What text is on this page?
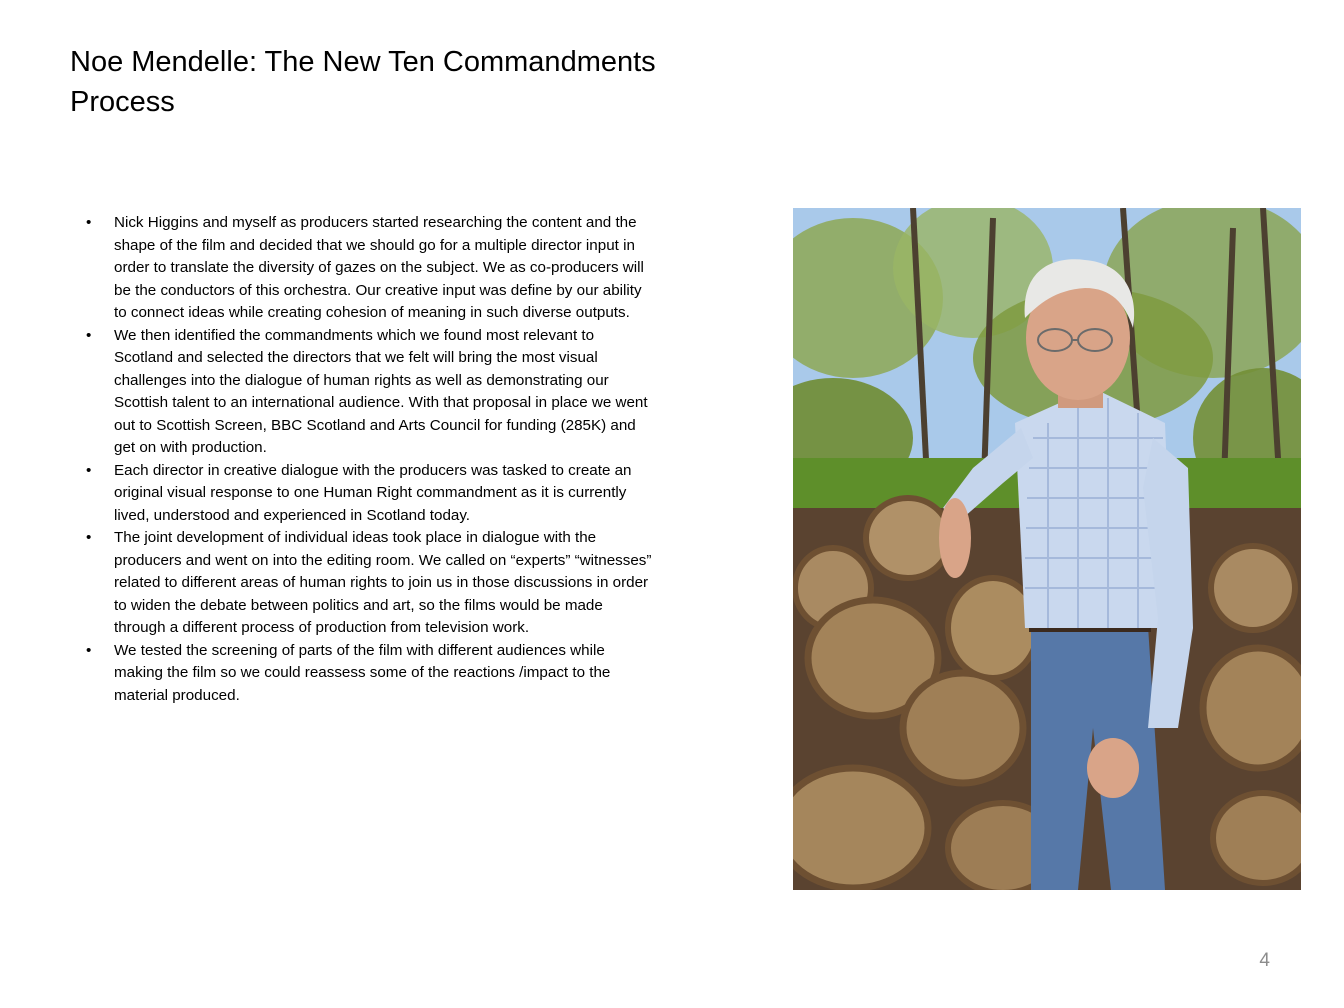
Noe Mendelle: The New Ten Commandments
Process
•	Nick Higgins and myself as producers started researching the content and the shape of the film and decided that we should go for a multiple director input in order to translate the diversity of gazes on the subject. We as co-producers will be the conductors of this orchestra. Our creative input was define by our ability to connect ideas while creating cohesion of meaning in such diverse outputs.
•	We then identified the commandments which we found most relevant to Scotland and selected the directors that we felt will bring the most visual challenges into the dialogue of human rights as well as demonstrating our Scottish talent to an international audience. With that proposal in place we went out to Scottish Screen, BBC Scotland and Arts Council for funding (285K) and get on with production.
•	Each director in creative dialogue with the producers was tasked to create an original visual response to one Human Right commandment as it is currently lived, understood and experienced in Scotland today.
•	The joint development of individual ideas took place in dialogue with the producers and went on into the editing room. We called on “experts” “witnesses” related to different areas of human rights to join us in those discussions in order to widen the debate between politics and art, so the films would be made through a different process of production from television work.
•	We tested the screening of parts of the film with different audiences while making the film so we could reassess some of the reactions /impact to the material produced.
4
